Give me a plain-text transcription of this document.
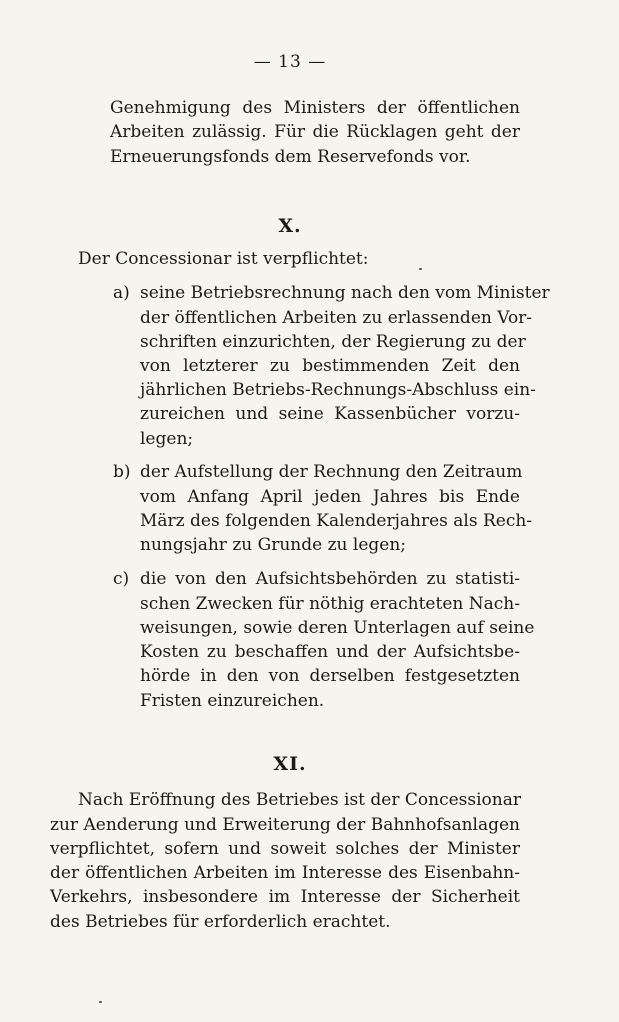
— 13 —
Genehmigung des Ministers der öffentlichen
Arbeiten zulässig. Für die Rücklagen geht der
Erneuerungsfonds dem Reservefonds vor.
X.
Der Concessionar ist verpflichtet:
a) seine Betriebsrechnung nach den vom Minister
der öffentlichen Arbeiten zu erlassenden Vor-
schriften einzurichten, der Regierung zu der
von letzterer zu bestimmenden Zeit den
jährlichen Betriebs-Rechnungs-Abschluss ein-
zureichen und seine Kassenbücher vorzu-
legen;
b) der Aufstellung der Rechnung den Zeitraum
vom Anfang April jeden Jahres bis Ende
März des folgenden Kalenderjahres als Rech-
nungsjahr zu Grunde zu legen;
c) die von den Aufsichtsbehörden zu statisti-
schen Zwecken für nöthig erachteten Nach-
weisungen, sowie deren Unterlagen auf seine
Kosten zu beschaffen und der Aufsichtsbe-
hörde in den von derselben festgesetzten
Fristen einzureichen.
XI.
Nach Eröffnung des Betriebes ist der Concessionar
zur Aenderung und Erweiterung der Bahnhofsanlagen
verpflichtet, sofern und soweit solches der Minister
der öffentlichen Arbeiten im Interesse des Eisenbahn-
Verkehrs, insbesondere im Interesse der Sicherheit
des Betriebes für erforderlich erachtet.
